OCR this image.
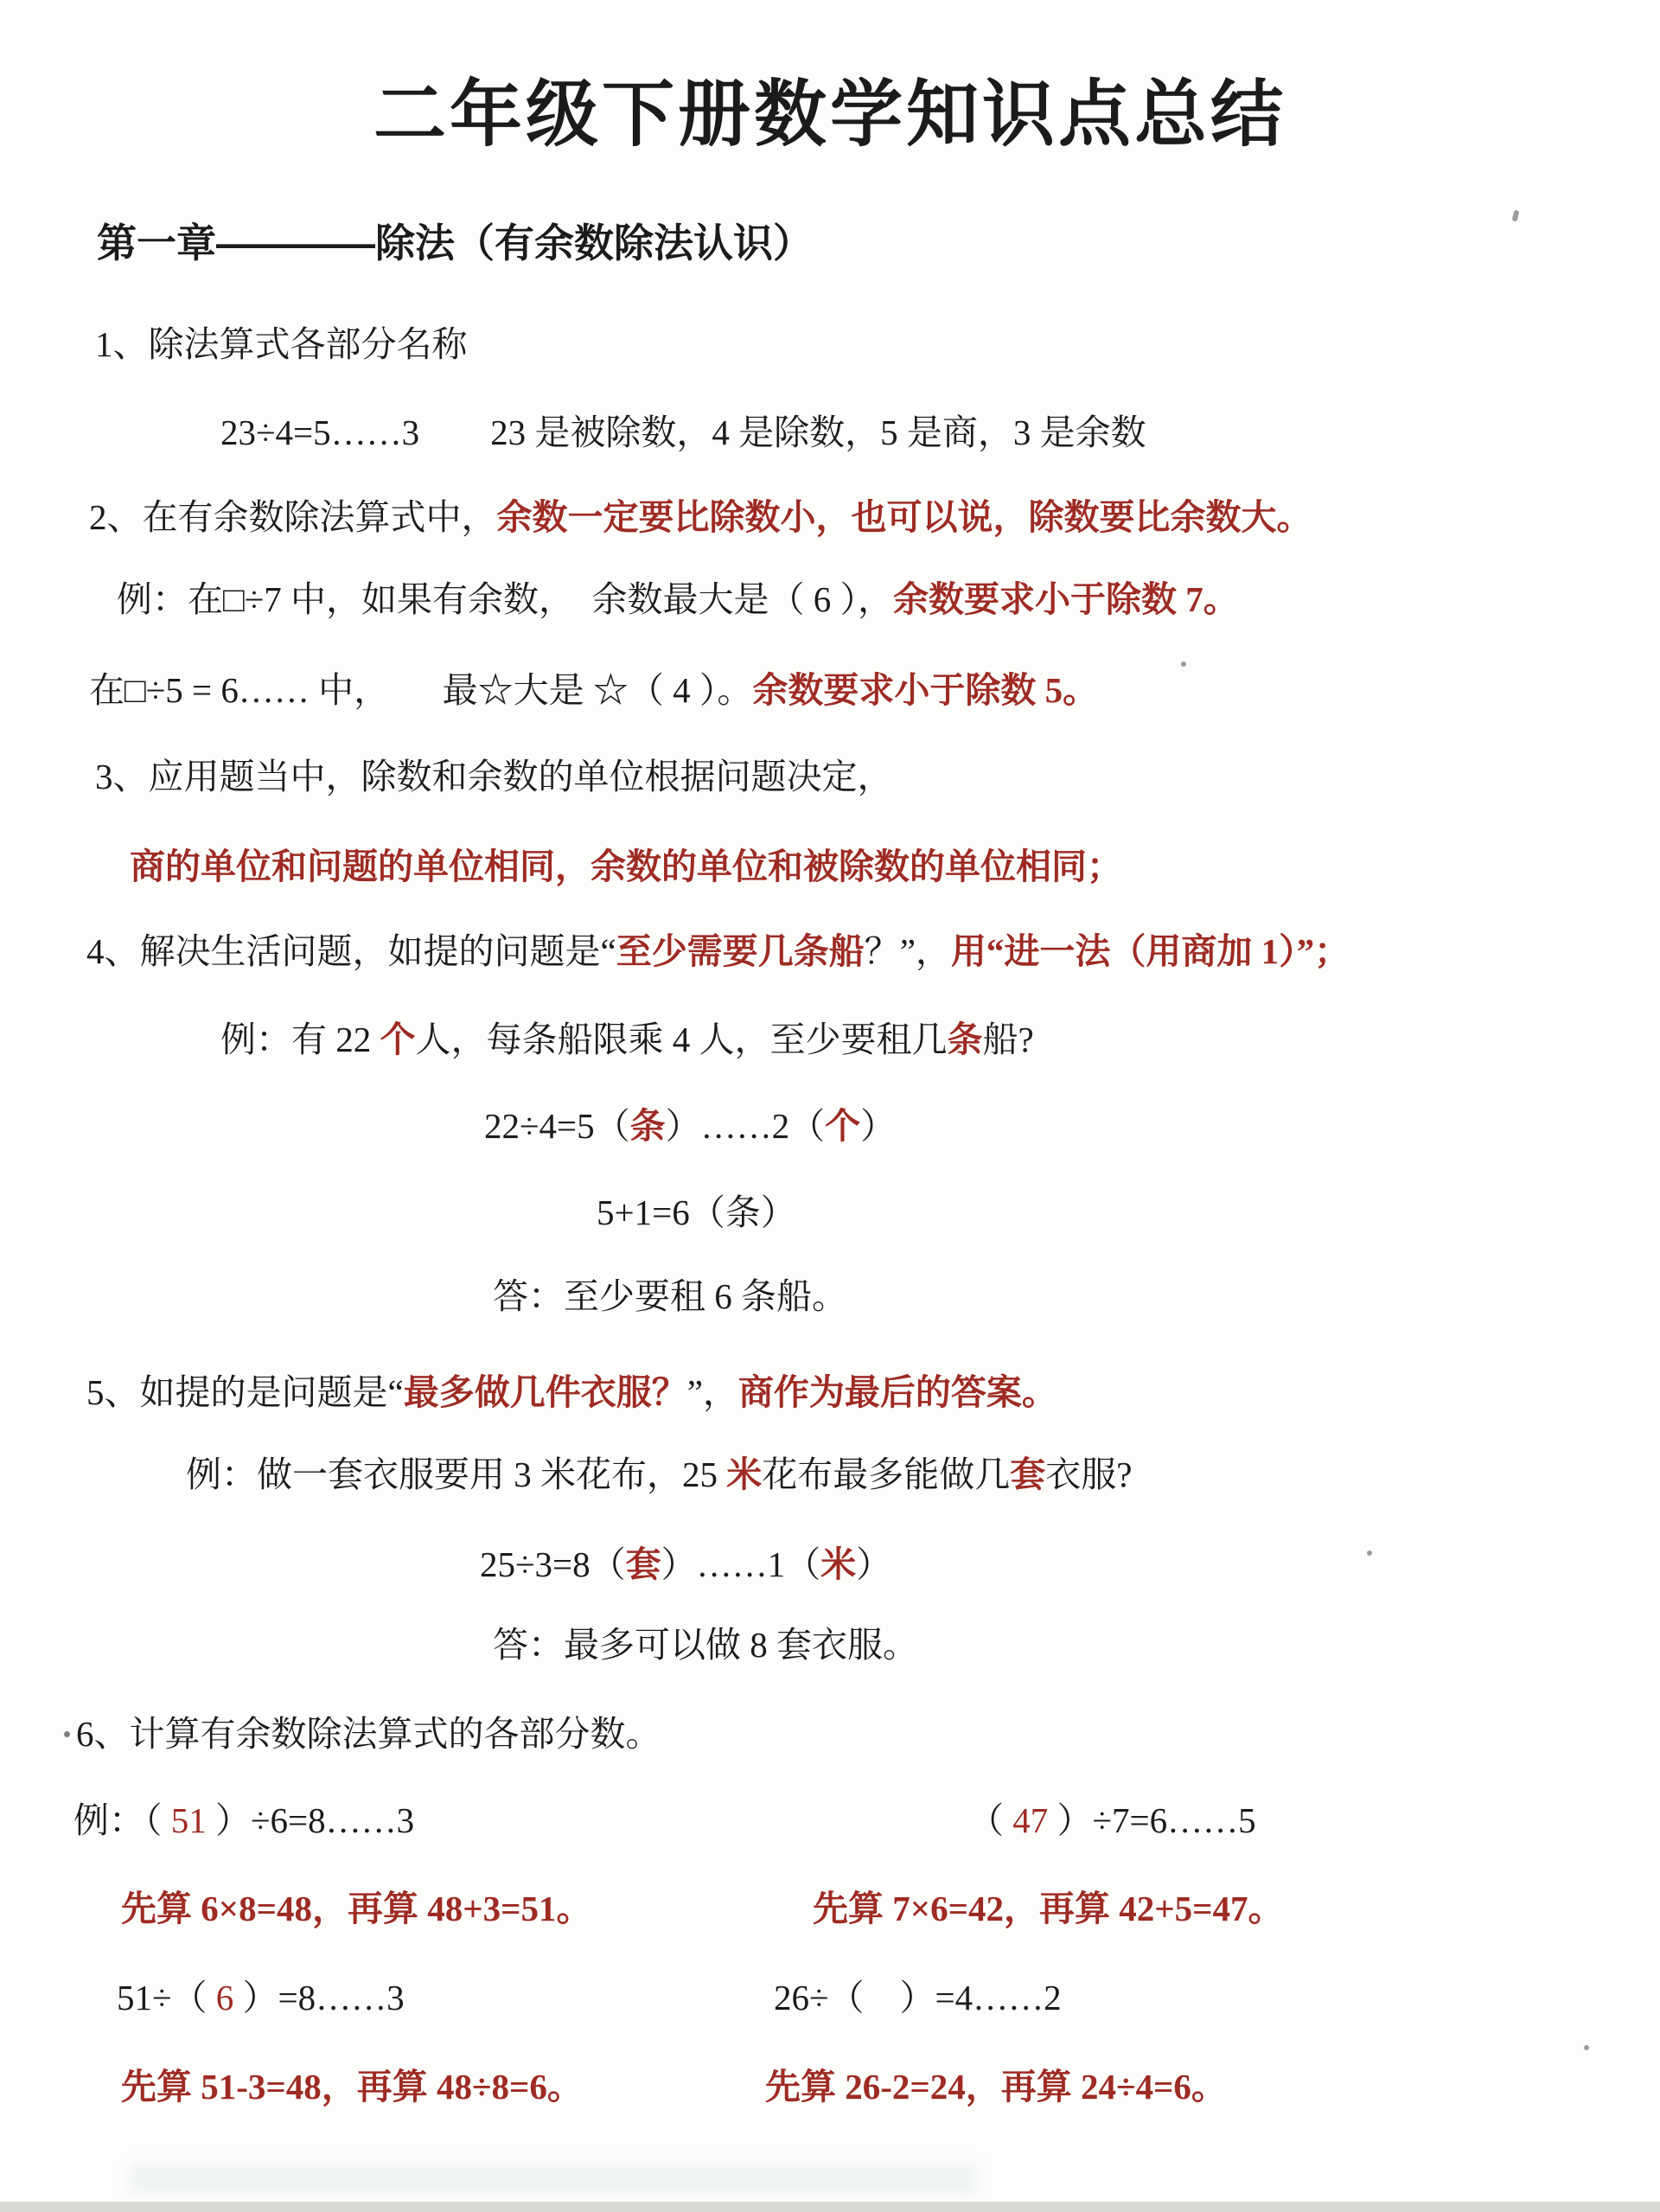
二年级下册数学知识点总结
第一章————除法（有余数除法认识）
1、除法算式各部分名称
23÷4=5……3　　23 是被除数，4 是除数，5 是商，3 是余数
2、在有余数除法算式中，余数一定要比除数小，也可以说，除数要比余数大。
例：在□÷7 中，如果有余数，　余数最大是（ 6 ），余数要求小于除数 7。
在□÷5 = 6…… 中，　　最☆大是 ☆（ 4 ）。余数要求小于除数 5。
3、应用题当中，除数和余数的单位根据问题决定，
商的单位和问题的单位相同，余数的单位和被除数的单位相同；
4、解决生活问题，如提的问题是“至少需要几条船？”，用“进一法（用商加 1）”；
例：有 22 个人，每条船限乘 4 人，至少要租几条船?
22÷4=5（条）……2（个）
5+1=6（条）
答：至少要租 6 条船。
5、如提的是问题是“最多做几件衣服？”，商作为最后的答案。
例：做一套衣服要用 3 米花布，25 米花布最多能做几套衣服?
25÷3=8（套）……1（米）
答：最多可以做 8 套衣服。
6、计算有余数除法算式的各部分数。
例：（ 51 ）÷6=8……3	（ 47 ）÷7=6……5
先算 6×8=48，再算 48+3=51。	先算 7×6=42，再算 42+5=47。
51÷（ 6 ）=8……3	26÷（　）=4……2
先算 51-3=48，再算 48÷8=6。	先算 26-2=24，再算 24÷4=6。
